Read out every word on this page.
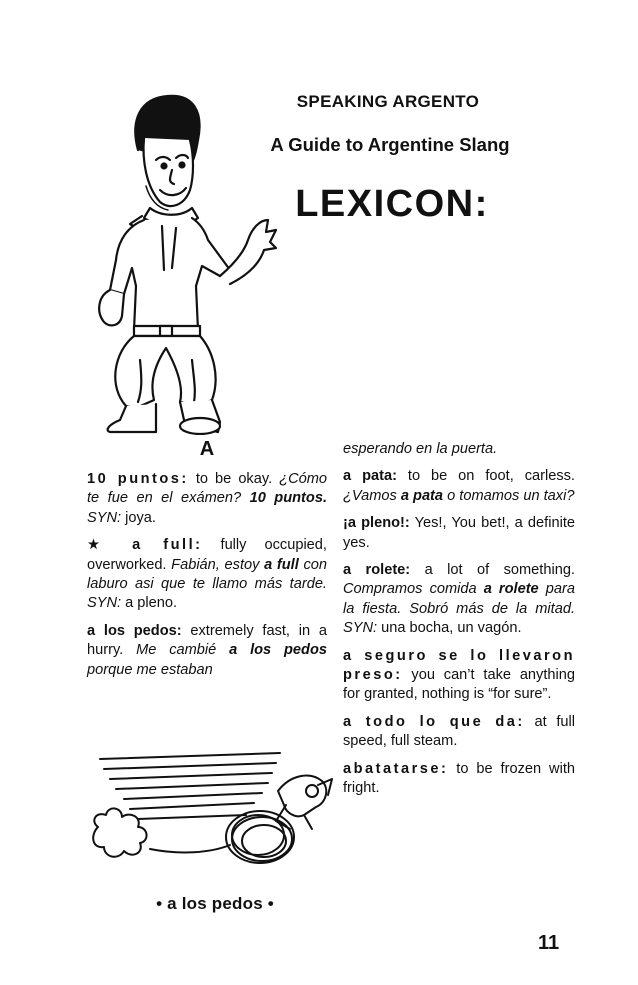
SPEAKING ARGENTO
A Guide to Argentine Slang
LEXICON:
A
10 puntos: to be okay. ¿Cómo te fue en el exámen? 10 puntos. SYN: joya.
★ a full: fully occupied, overworked. Fabián, estoy a full con laburo asi que te llamo más tarde. SYN: a pleno.
a los pedos: extremely fast, in a hurry. Me cambié a los pedos porque me estaban
• a los pedos •
esperando en la puerta.
a pata: to be on foot, carless. ¿Vamos a pata o tomamos un taxi?
¡a pleno!: Yes!, You bet!, a definite yes.
a rolete: a lot of something. Compramos comida a rolete para la fiesta. Sobró más de la mitad. SYN: una bocha, un vagón.
a seguro se lo llevaron preso: you can’t take anything for granted, nothing is “for sure”.
a todo lo que da: at full speed, full steam.
abatatarse: to be frozen with fright.
11
